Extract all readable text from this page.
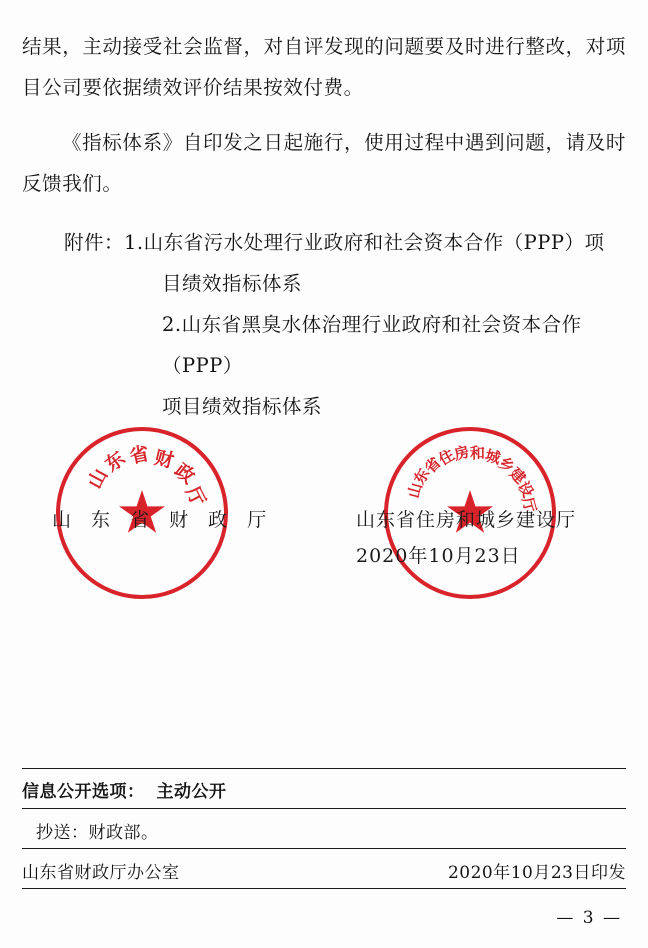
结果，主动接受社会监督，对自评发现的问题要及时进行整改，对项目公司要依据绩效评价结果按效付费。

《指标体系》自印发之日起施行，使用过程中遇到问题，请及时反馈我们。

附件：1.山东省污水处理行业政府和社会资本合作（PPP）项
目绩效指标体系
2.山东省黑臭水体治理行业政府和社会资本合作（PPP）
项目绩效指标体系
山
东
省 财
政
厅	山
东
省
住
房
和
城
乡
建
设
厅
山 东 省 财 政 厅	山东省住房和城乡建设厅
2020年10月23日
信息公开选项： 主动公开
抄送：财政部。
山东省财政厅办公室	2020年10月23日印发
— 3 —
